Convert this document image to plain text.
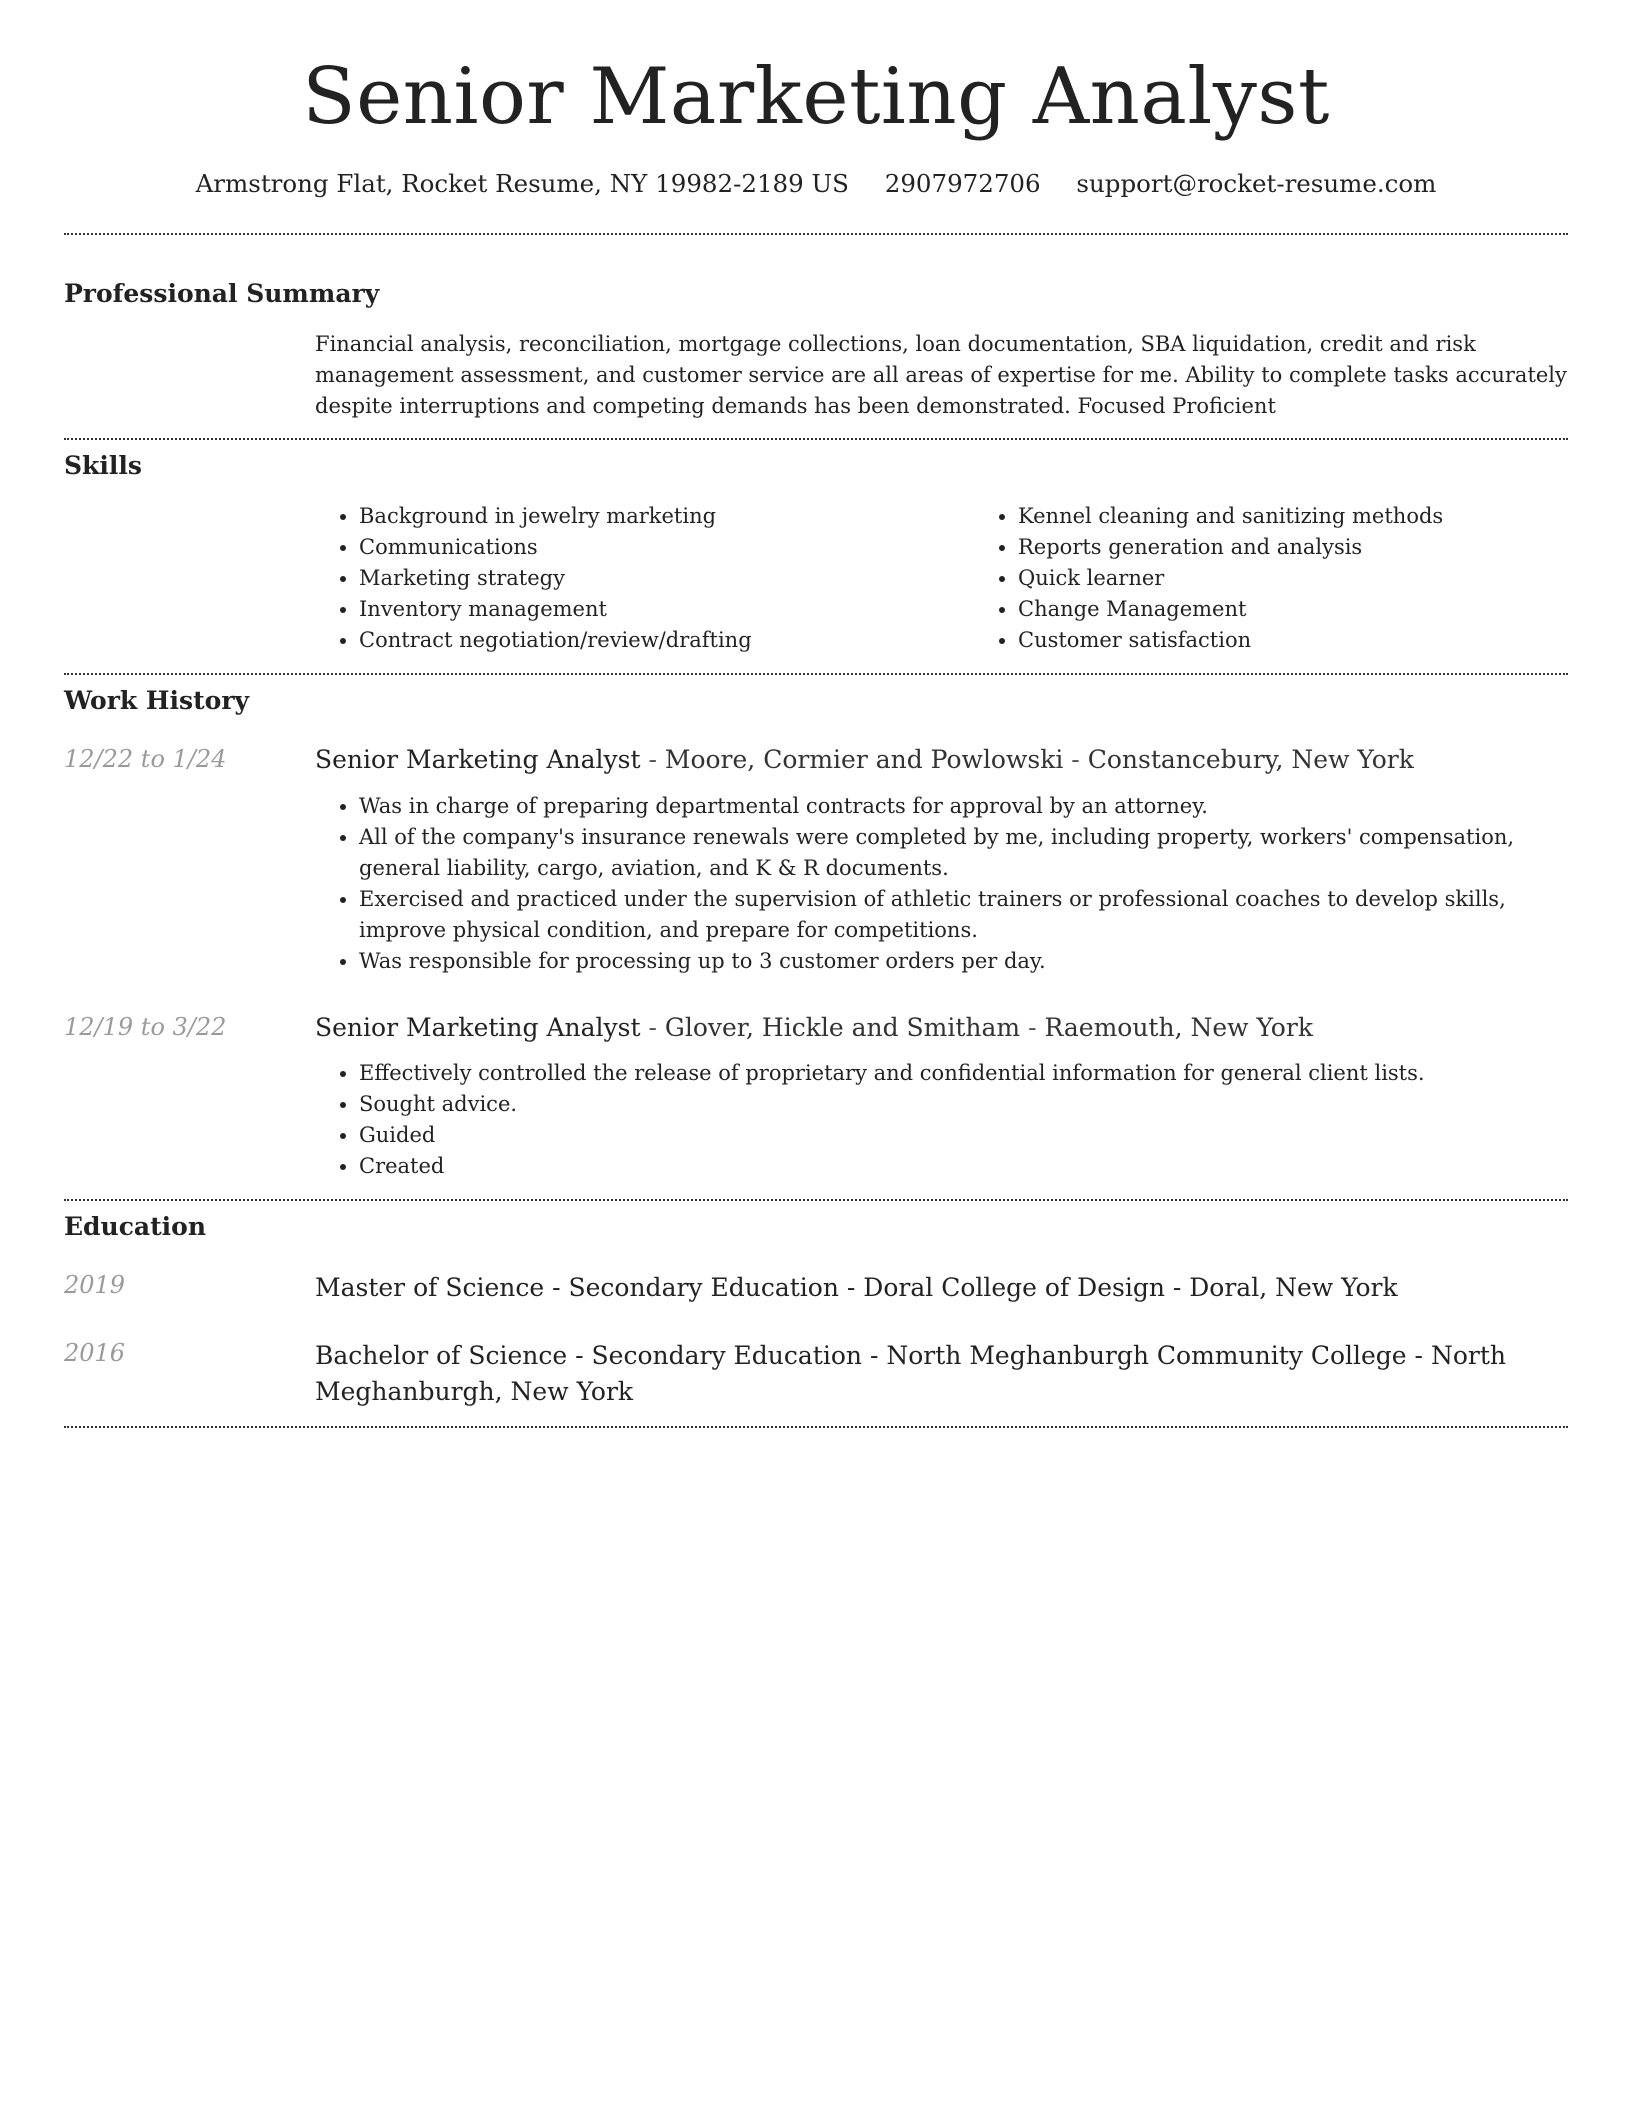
Senior Marketing Analyst
Armstrong Flat, Rocket Resume, NY 19982-2189 US 2907972706 support@rocket-resume.com
Professional Summary

Financial analysis, reconciliation, mortgage collections, loan documentation, SBA liquidation, credit and risk management assessment, and customer service are all areas of expertise for me. Ability to complete tasks accurately despite interruptions and competing demands has been demonstrated. Focused Proficient

Skills
• Background in jewelry marketing
• Communications
• Marketing strategy
• Inventory management
• Contract negotiation/review/drafting
• Kennel cleaning and sanitizing methods
• Reports generation and analysis
• Quick learner
• Change Management
• Customer satisfaction
Work History
12/22 to 1/24	Senior Marketing Analyst - Moore, Cormier and Powlowski - Constancebury, New York

• Was in charge of preparing departmental contracts for approval by an attorney.
• All of the company's insurance renewals were completed by me, including property, workers' compensation, general liability, cargo, aviation, and K & R documents.
• Exercised and practiced under the supervision of athletic trainers or professional coaches to develop skills, improve physical condition, and prepare for competitions.
• Was responsible for processing up to 3 customer orders per day.
12/19 to 3/22	Senior Marketing Analyst - Glover, Hickle and Smitham - Raemouth, New York

• Effectively controlled the release of proprietary and confidential information for general client lists.
• Sought advice.
• Guided
• Created
Education
2019	Master of Science - Secondary Education - Doral College of Design - Doral, New York

2016	Bachelor of Science - Secondary Education - North Meghanburgh Community College - North Meghanburgh, New York
